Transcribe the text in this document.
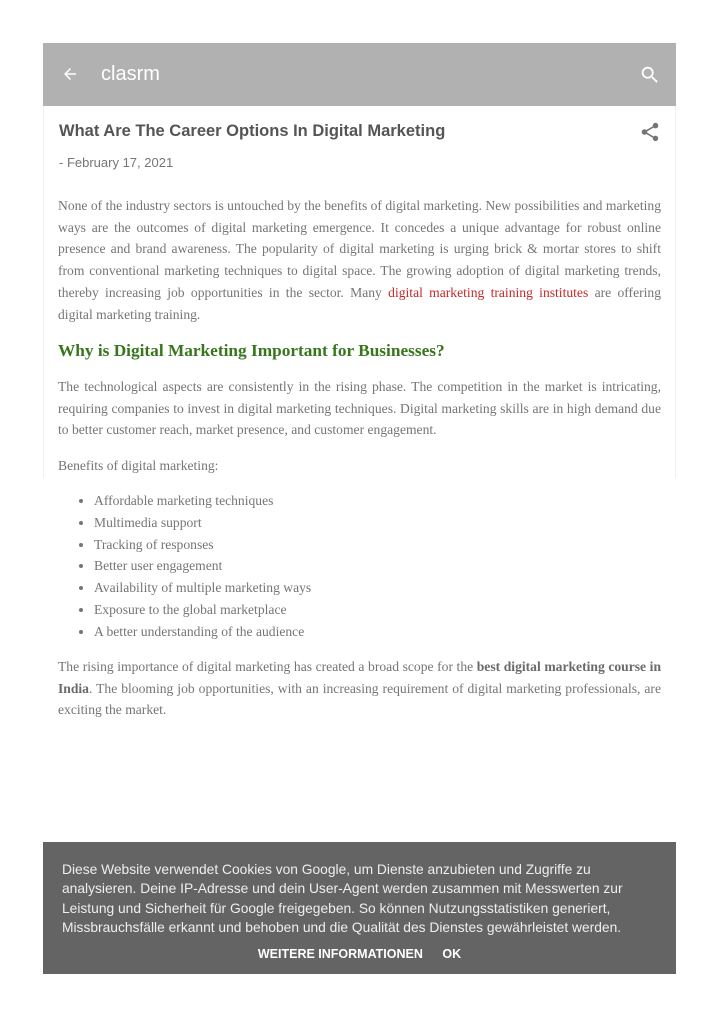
clasrm
What Are The Career Options In Digital Marketing
- February 17, 2021

None of the industry sectors is untouched by the benefits of digital marketing. New possibilities and marketing ways are the outcomes of digital marketing emergence. It concedes a unique advantage for robust online presence and brand awareness. The popularity of digital marketing is urging brick & mortar stores to shift from conventional marketing techniques to digital space. The growing adoption of digital marketing trends, thereby increasing job opportunities in the sector. Many digital marketing training institutes are offering digital marketing training.

Why is Digital Marketing Important for Businesses?

The technological aspects are consistently in the rising phase. The competition in the market is intricating, requiring companies to invest in digital marketing techniques. Digital marketing skills are in high demand due to better customer reach, market presence, and customer engagement.

Benefits of digital marketing:

• Affordable marketing techniques
• Multimedia support
• Tracking of responses
• Better user engagement
• Availability of multiple marketing ways
• Exposure to the global marketplace
• A better understanding of the audience

The rising importance of digital marketing has created a broad scope for the best digital marketing course in India. The blooming job opportunities, with an increasing requirement of digital marketing professionals, are exciting the market.

Diese Website verwendet Cookies von Google, um Dienste anzubieten und Zugriffe zu analysieren. Deine IP-Adresse und dein User-Agent werden zusammen mit Messwerten zur Leistung und Sicherheit für Google freigegeben. So können Nutzungsstatistiken generiert, Missbrauchsfälle erkannt und behoben und die Qualität des Dienstes gewährleistet werden.

WEITERE INFORMATIONEN OK
